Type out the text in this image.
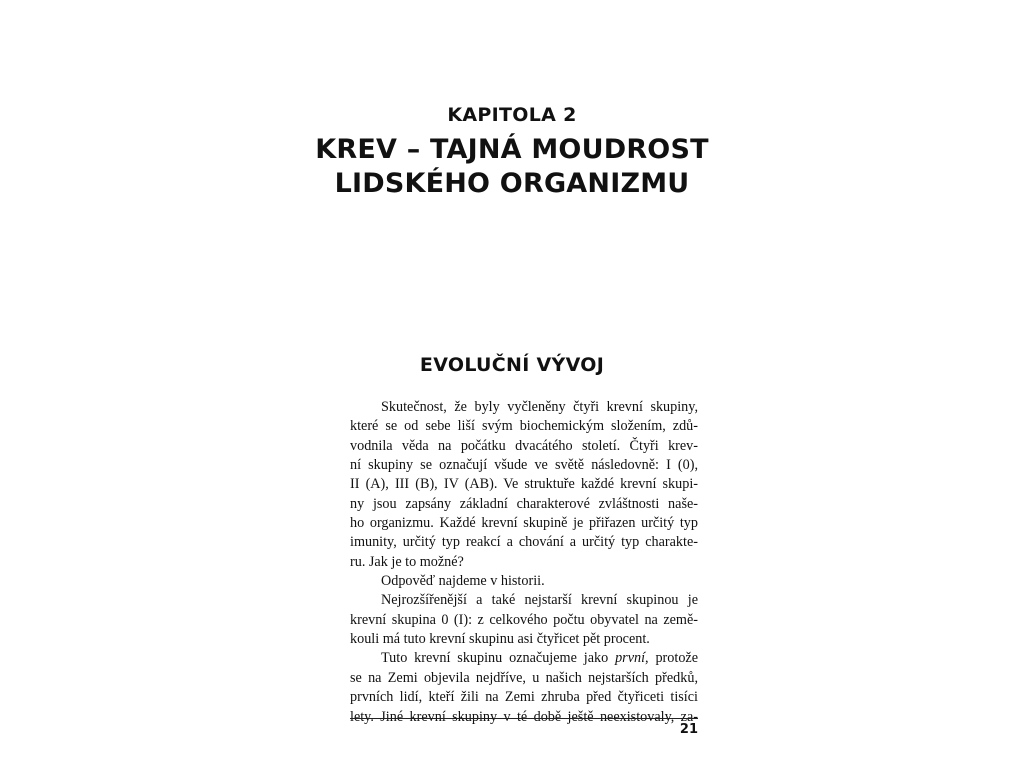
KAPITOLA 2
KREV – TAJNÁ MOUDROST
LIDSKÉHO ORGANIZMU
EVOLUČNÍ VÝVOJ
Skutečnost, že byly vyčleněny čtyři krevní skupiny,
které se od sebe liší svým biochemickým složením, zdů-
vodnila věda na počátku dvacátého století. Čtyři krev-
ní skupiny se označují všude ve světě následovně: I (0),
II (A), III (B), IV (AB). Ve struktuře každé krevní skupi-
ny jsou zapsány základní charakterové zvláštnosti naše-
ho organizmu. Každé krevní skupině je přiřazen určitý typ
imunity, určitý typ reakcí a chování a určitý typ charakte-
ru. Jak je to možné?
Odpověď najdeme v historii.
Nejrozšířenější a také nejstarší krevní skupinou je
krevní skupina 0 (I): z celkového počtu obyvatel na země-
kouli má tuto krevní skupinu asi čtyřicet pět procent.
Tuto krevní skupinu označujeme jako první, protože
se na Zemi objevila nejdříve, u našich nejstarších předků,
prvních lidí, kteří žili na Zemi zhruba před čtyřiceti tisíci
lety. Jiné krevní skupiny v té době ještě neexistovaly, za-
21
